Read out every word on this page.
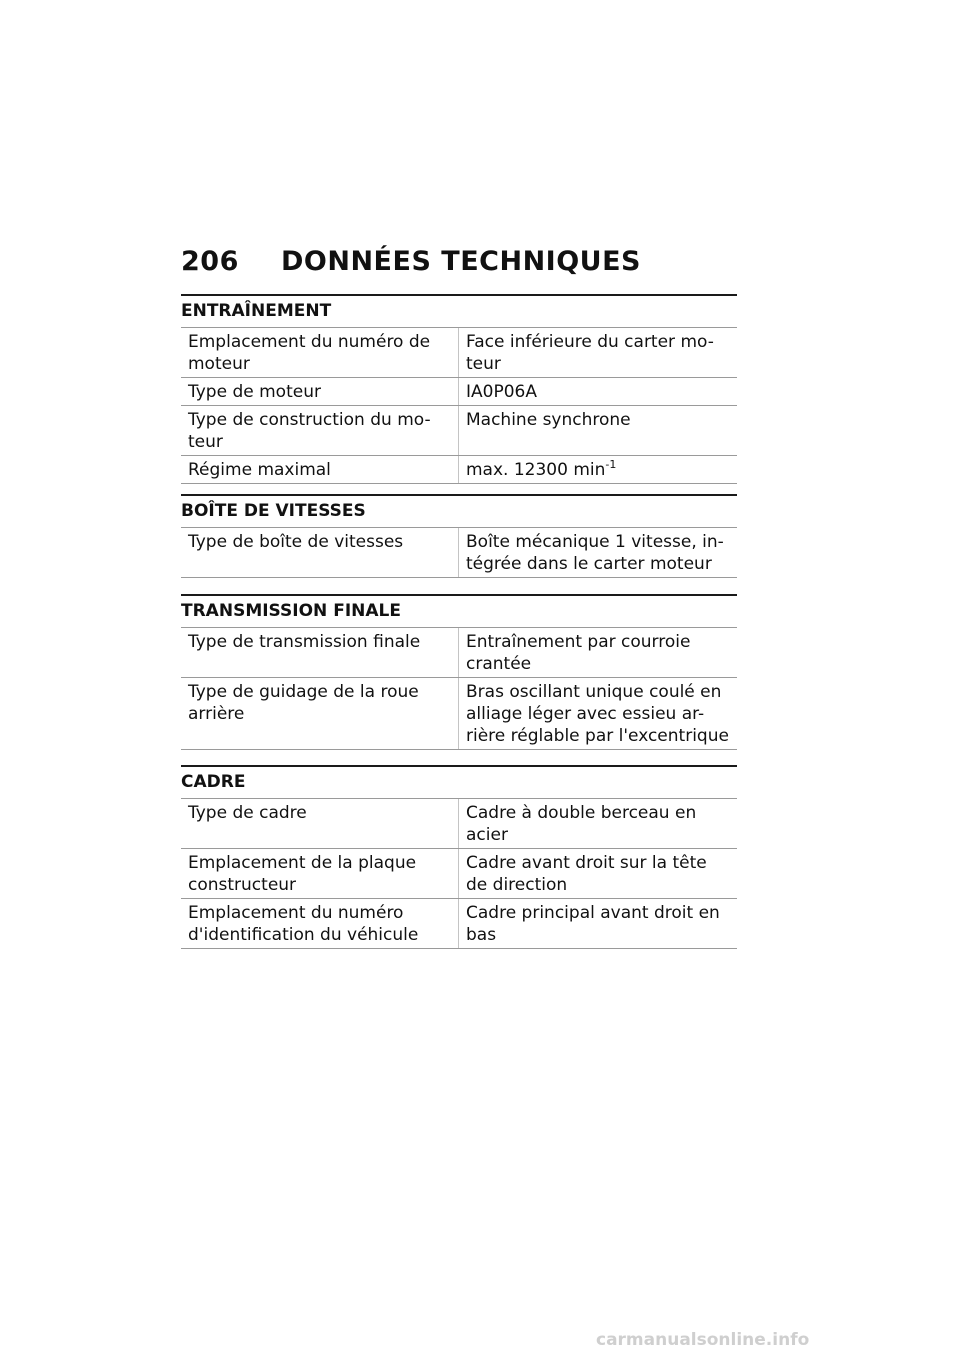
206 DONNÉES TECHNIQUES
ENTRAÎNEMENT
Emplacement du numéro de moteur	Face inférieure du carter mo-teur
Type de moteur	IA0P06A
Type de construction du mo-teur	Machine synchrone
Régime maximal	max. 12300 $\min^{-1}$
BOÎTE DE VITESSES
Type de boîte de vitesses	Boîte mécanique 1 vitesse, in-tégrée dans le carter moteur
TRANSMISSION FINALE
Type de transmission finale	Entraînement par courroie crantée
Type de guidage de la roue arrière	Bras oscillant unique coulé en alliage léger avec essieu ar-rière réglable par l'excentrique
CADRE
Type de cadre	Cadre à double berceau en acier
Emplacement de la plaque constructeur	Cadre avant droit sur la tête de direction
Emplacement du numéro d'identification du véhicule	Cadre principal avant droit en bas
carmanualsonline.info
